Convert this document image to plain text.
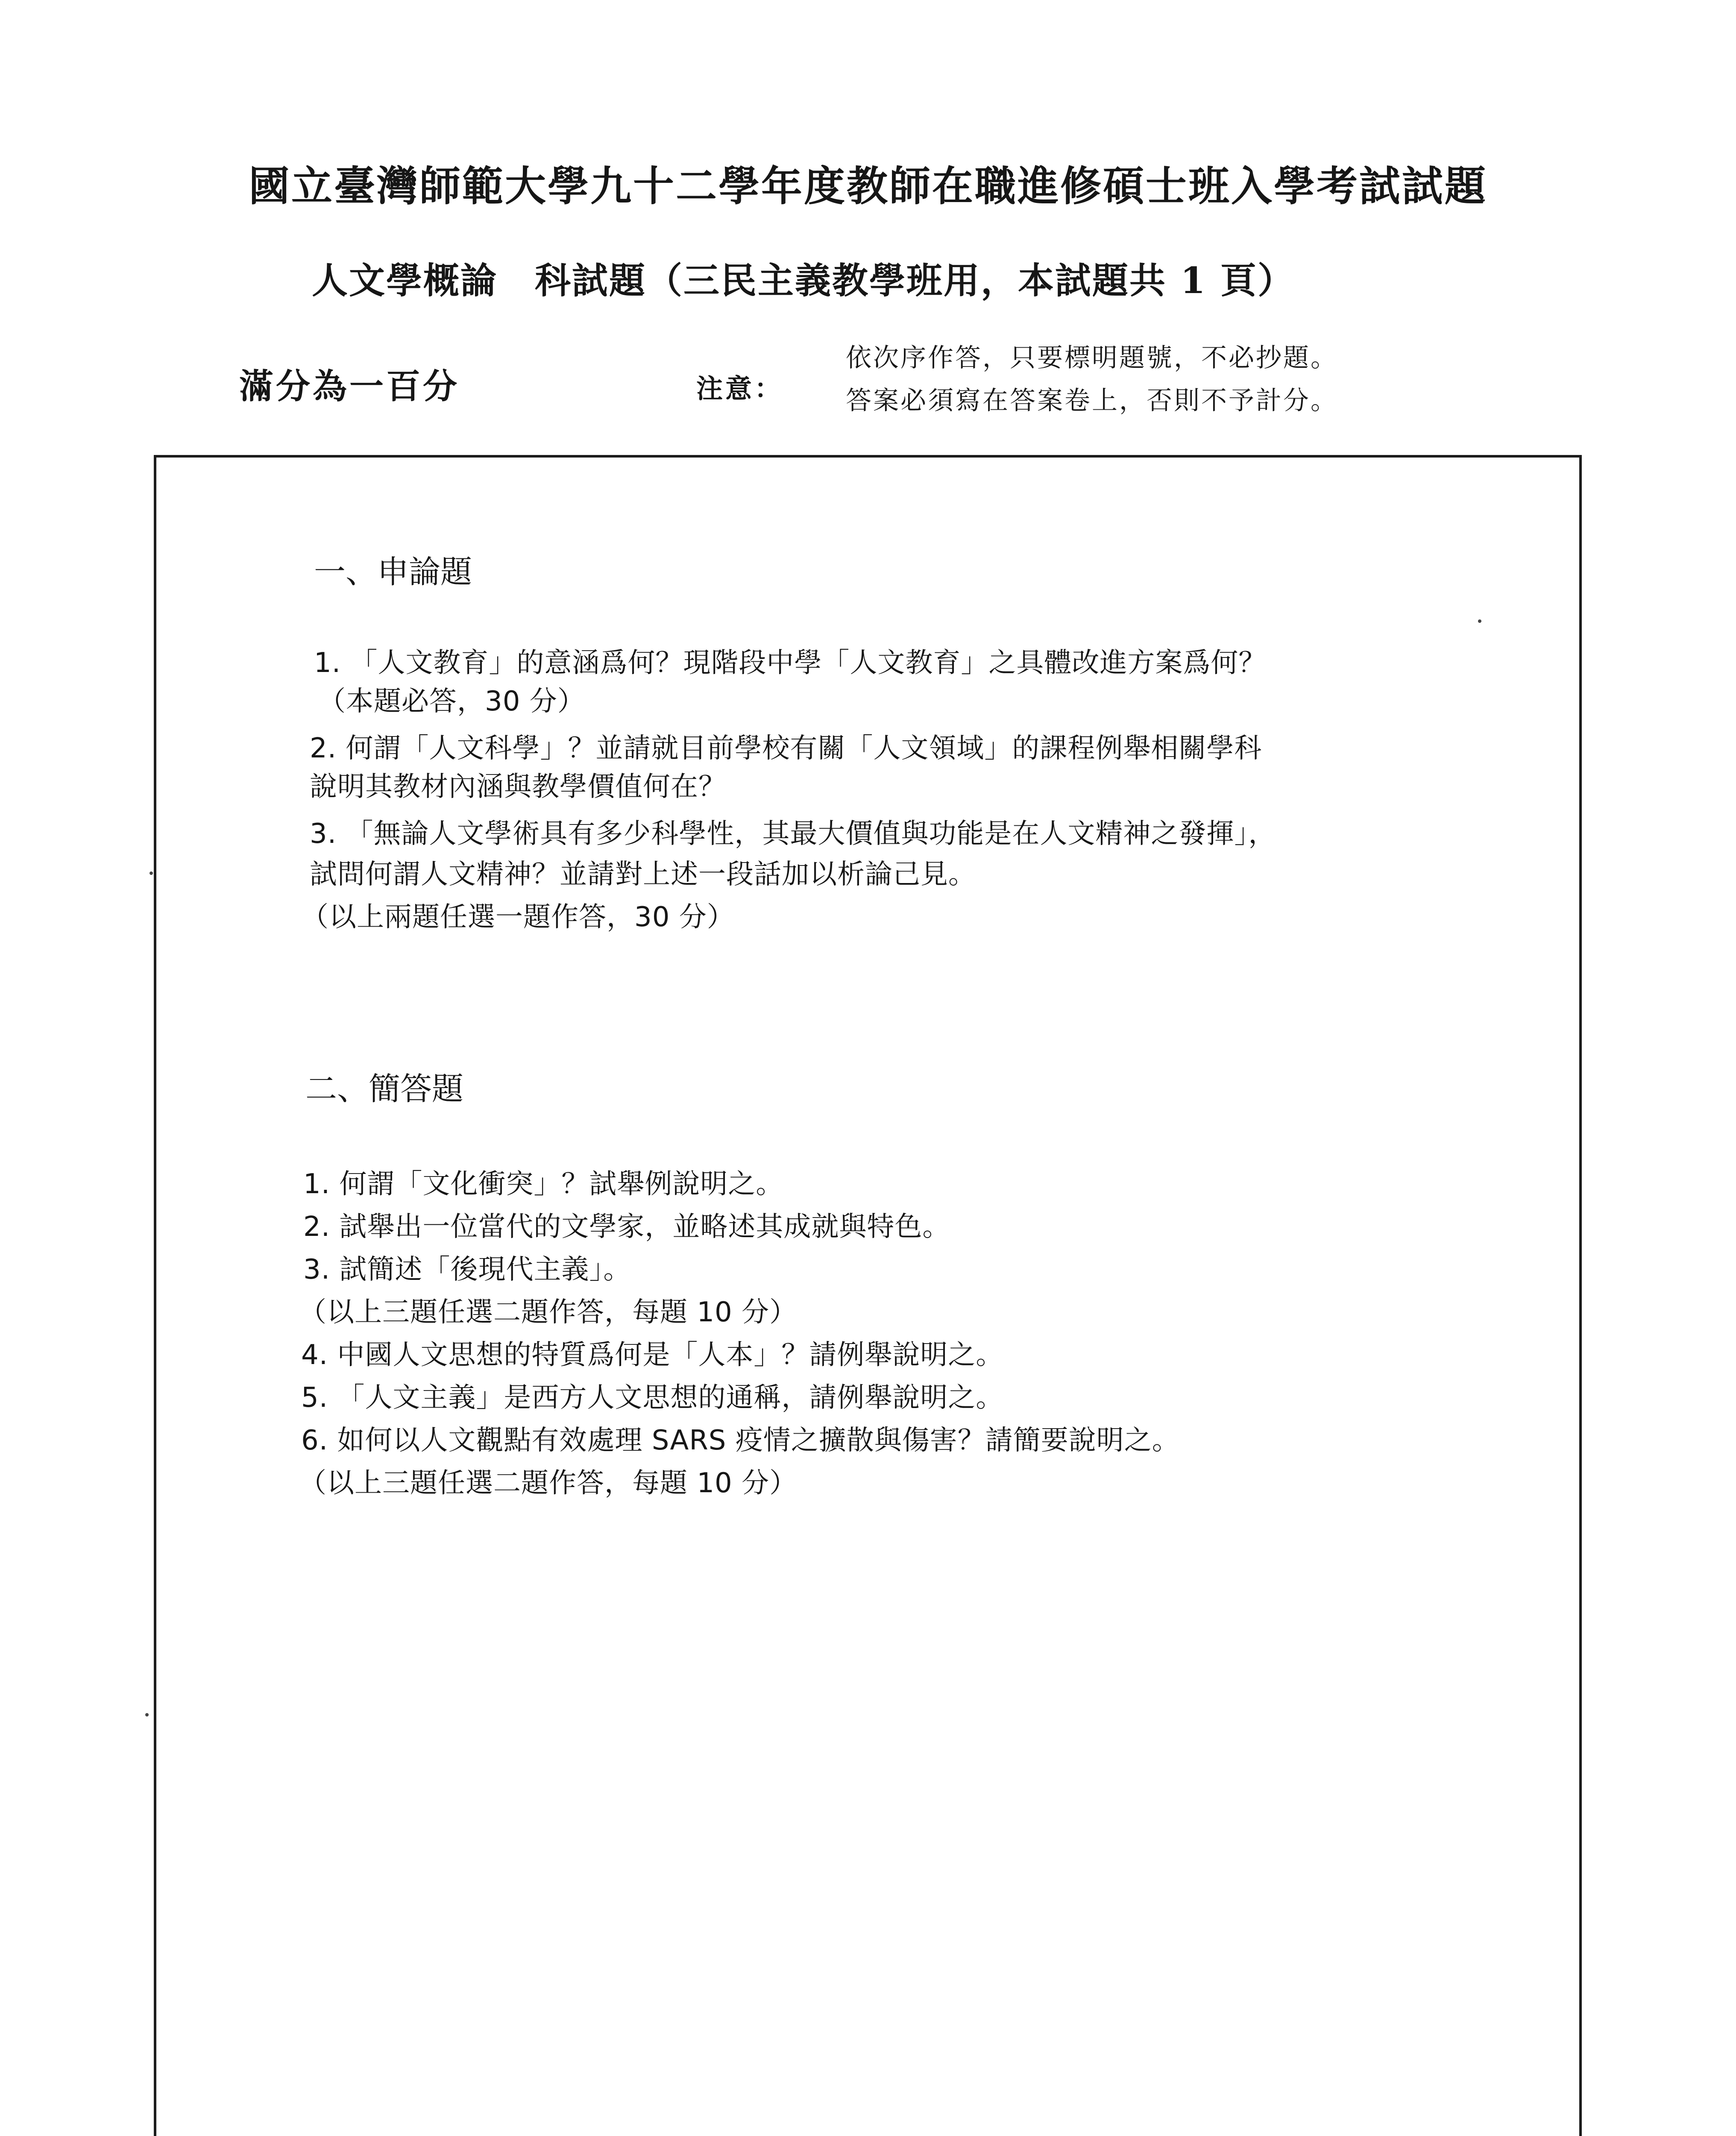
國立臺灣師範大學九十二學年度教師在職進修碩士班入學考試試題
人文學概論　科試題（三民主義教學班用，本試題共 1 頁）
滿分為一百分	注意：
依次序作答，只要標明題號，不必抄題。
答案必須寫在答案卷上，否則不予計分。
一、申論題
1. 「人文教育」的意涵爲何？現階段中學「人文教育」之具體改進方案爲何？
（本題必答，30 分）
2. 何謂「人文科學」？並請就目前學校有關「人文領域」的課程例舉相關學科
說明其教材內涵與教學價值何在？
3. 「無論人文學術具有多少科學性，其最大價值與功能是在人文精神之發揮」，
試問何謂人文精神？並請對上述一段話加以析論己見。
（以上兩題任選一題作答，30 分）
二、簡答題
1. 何謂「文化衝突」？試舉例說明之。
2. 試舉出一位當代的文學家，並略述其成就與特色。
3. 試簡述「後現代主義」。
（以上三題任選二題作答，每題 10 分）
4. 中國人文思想的特質爲何是「人本」？請例舉說明之。
5. 「人文主義」是西方人文思想的通稱，請例舉說明之。
6. 如何以人文觀點有效處理 SARS 疫情之擴散與傷害？請簡要說明之。
（以上三題任選二題作答，每題 10 分）
